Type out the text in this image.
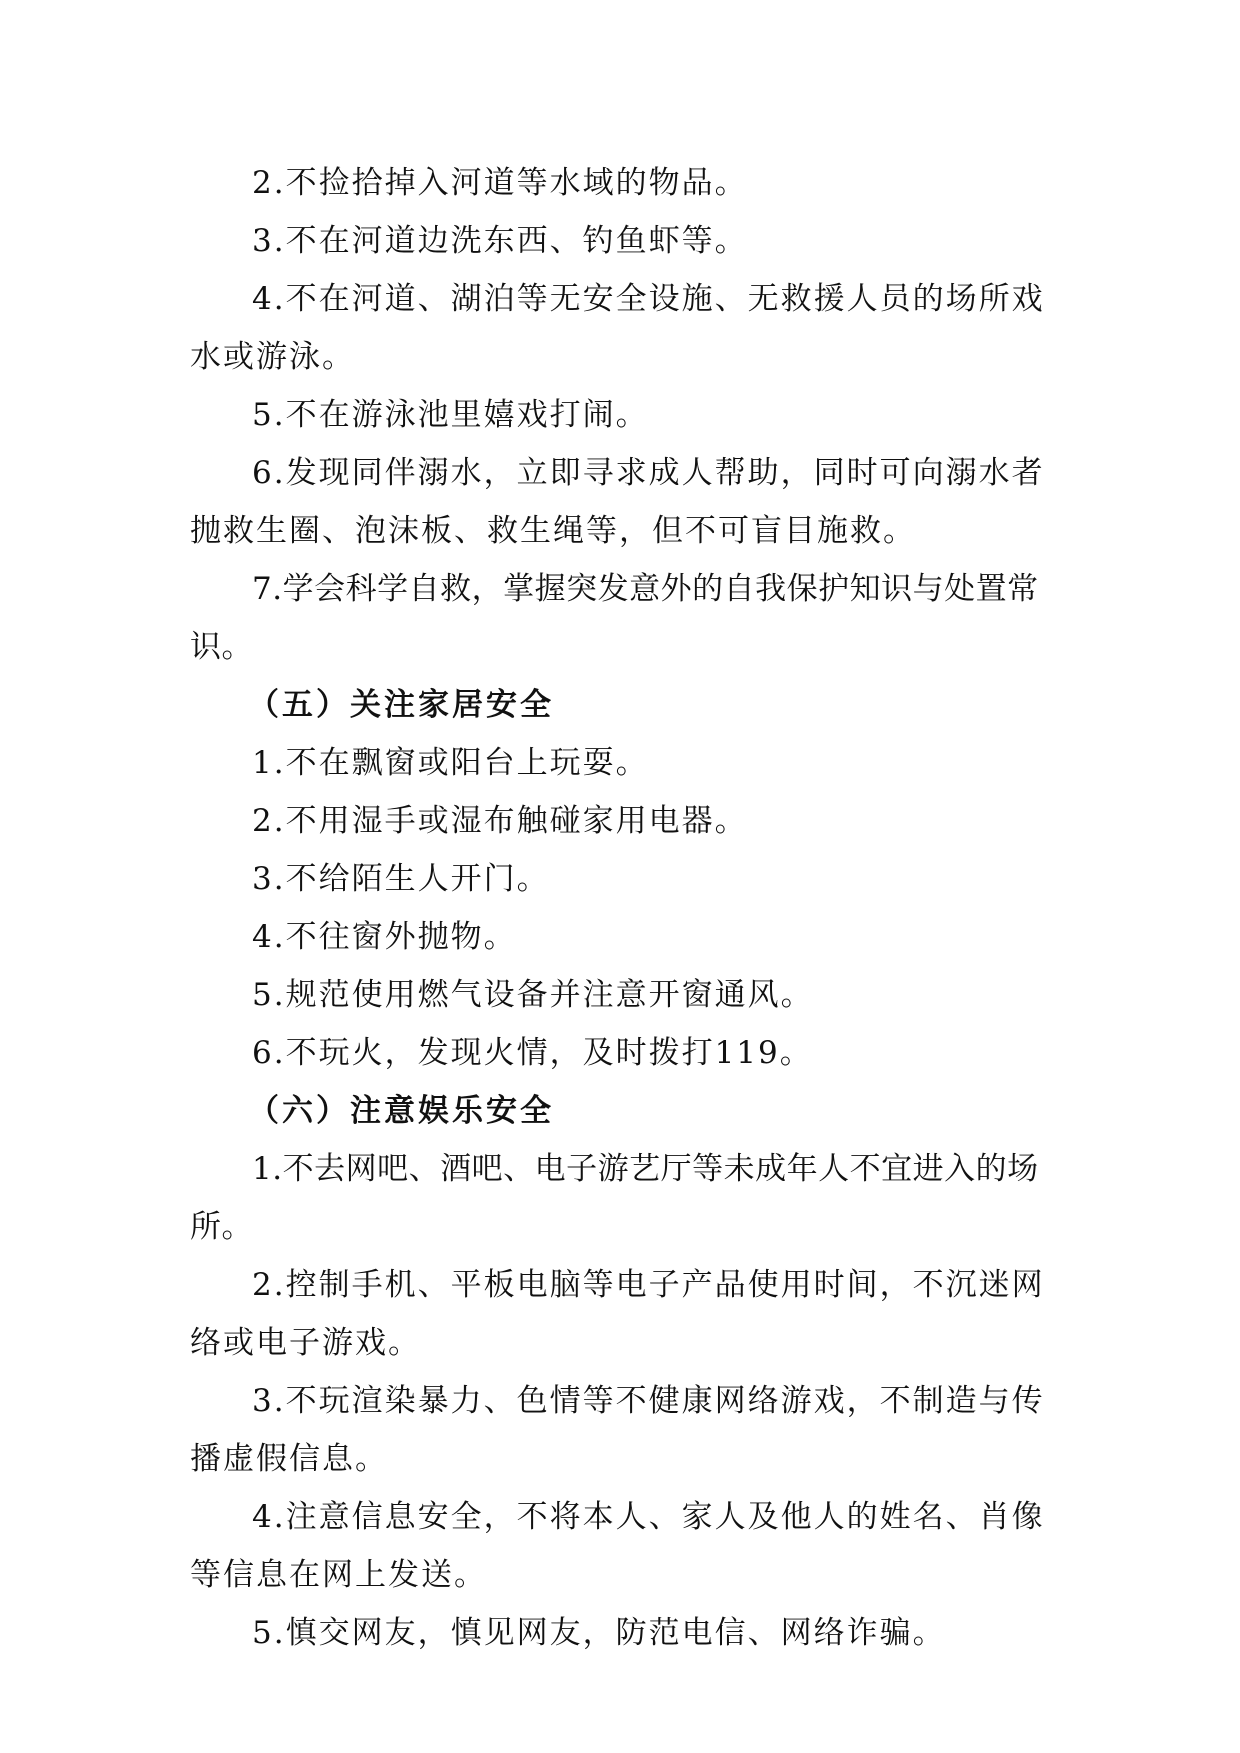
2.不捡拾掉入河道等水域的物品。

3.不在河道边洗东西、钓鱼虾等。

4.不在河道、湖泊等无安全设施、无救援人员的场所戏水或游泳。

5.不在游泳池里嬉戏打闹。

6.发现同伴溺水，立即寻求成人帮助，同时可向溺水者抛救生圈、泡沫板、救生绳等，但不可盲目施救。

7.学会科学自救，掌握突发意外的自我保护知识与处置常识。

（五）关注家居安全

1.不在飘窗或阳台上玩耍。

2.不用湿手或湿布触碰家用电器。

3.不给陌生人开门。

4.不往窗外抛物。

5.规范使用燃气设备并注意开窗通风。

6.不玩火，发现火情，及时拨打119。

（六）注意娱乐安全

1.不去网吧、酒吧、电子游艺厅等未成年人不宜进入的场所。

2.控制手机、平板电脑等电子产品使用时间，不沉迷网络或电子游戏。

3.不玩渲染暴力、色情等不健康网络游戏，不制造与传播虚假信息。

4.注意信息安全，不将本人、家人及他人的姓名、肖像等信息在网上发送。

5.慎交网友，慎见网友，防范电信、网络诈骗。
